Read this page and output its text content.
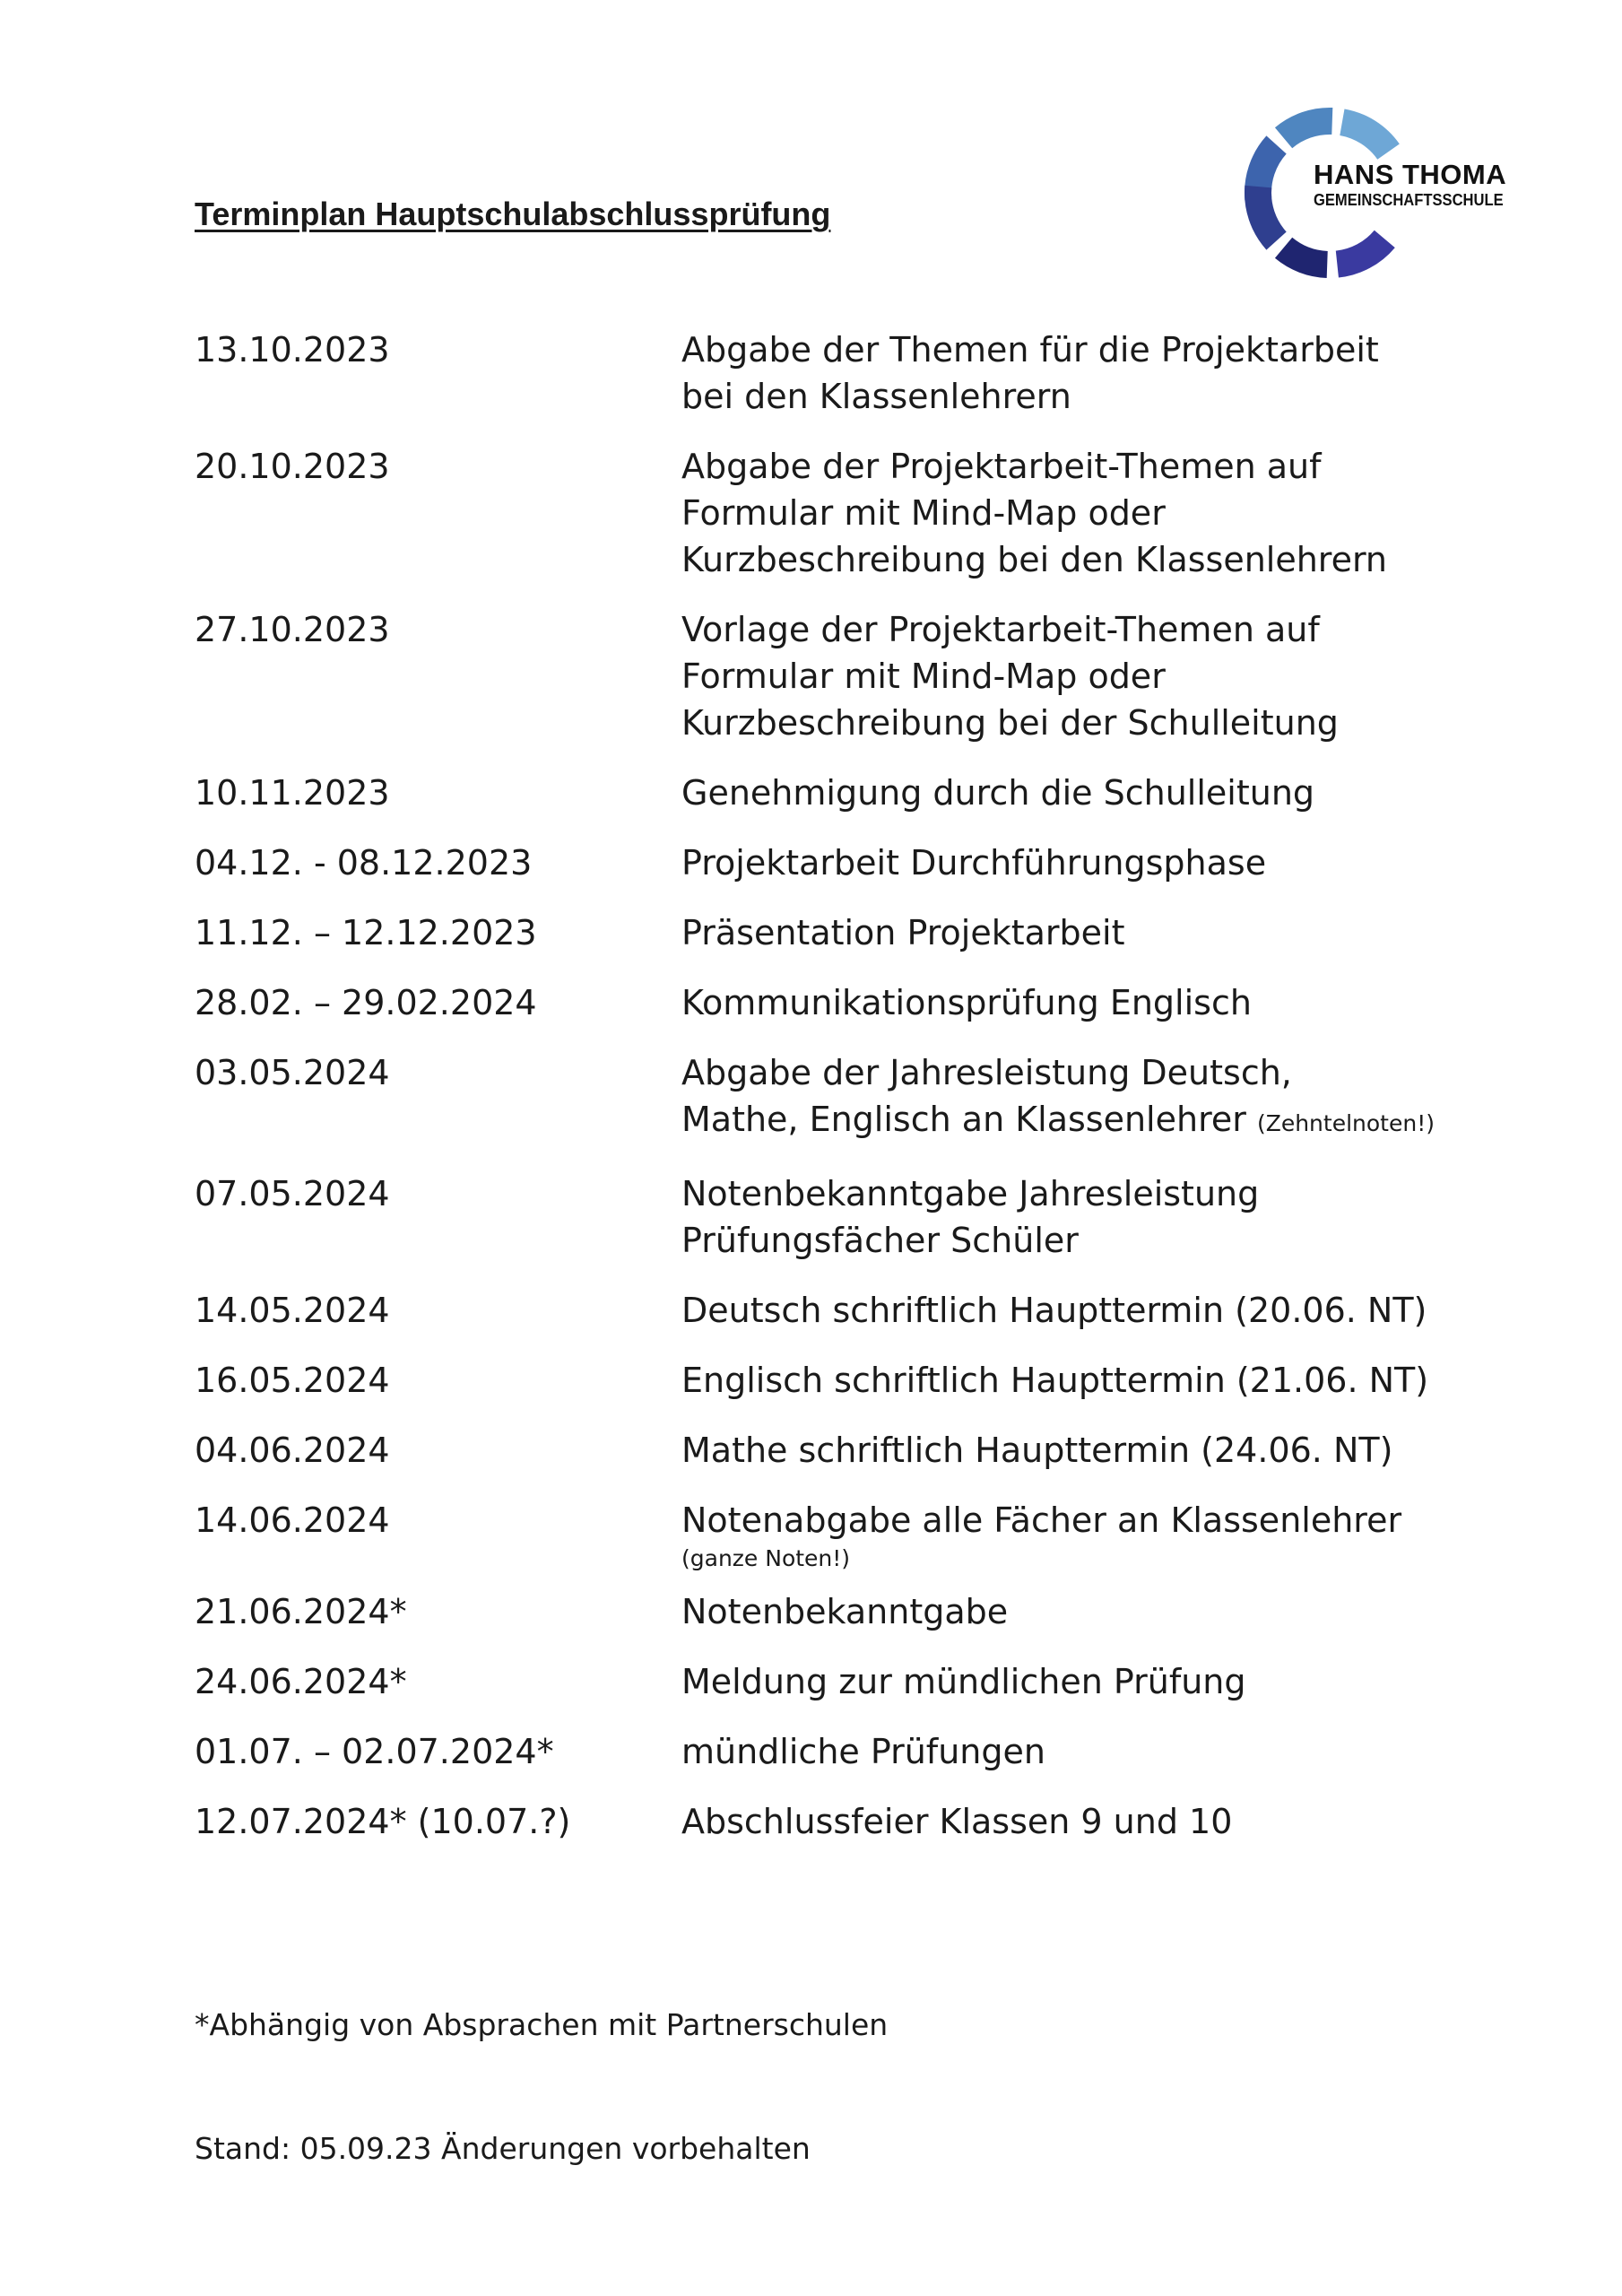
Terminplan Hauptschulabschlussprüfung
HANS THOMA
GEMEINSCHAFTSSCHULE
13.10.2023	Abgabe der Themen für die Projektarbeit
bei den Klassenlehrern
20.10.2023	Abgabe der Projektarbeit-Themen auf
Formular mit Mind-Map oder
Kurzbeschreibung bei den Klassenlehrern
27.10.2023	Vorlage der Projektarbeit-Themen auf
Formular mit Mind-Map oder
Kurzbeschreibung bei der Schulleitung
10.11.2023	Genehmigung durch die Schulleitung
04.12. - 08.12.2023	Projektarbeit Durchführungsphase
11.12. – 12.12.2023	Präsentation Projektarbeit
28.02. – 29.02.2024	Kommunikationsprüfung Englisch
03.05.2024	Abgabe der Jahresleistung Deutsch,
Mathe, Englisch an Klassenlehrer (Zehntelnoten!)
07.05.2024	Notenbekanntgabe Jahresleistung
Prüfungsfächer Schüler
14.05.2024	Deutsch schriftlich Haupttermin (20.06. NT)
16.05.2024	Englisch schriftlich Haupttermin (21.06. NT)
04.06.2024	Mathe schriftlich Haupttermin (24.06. NT)
14.06.2024	Notenabgabe alle Fächer an Klassenlehrer
(ganze Noten!)
21.06.2024*	Notenbekanntgabe
24.06.2024*	Meldung zur mündlichen Prüfung
01.07. – 02.07.2024*	mündliche Prüfungen
12.07.2024* (10.07.?)	Abschlussfeier Klassen 9 und 10
*Abhängig von Absprachen mit Partnerschulen
Stand: 05.09.23 Änderungen vorbehalten
